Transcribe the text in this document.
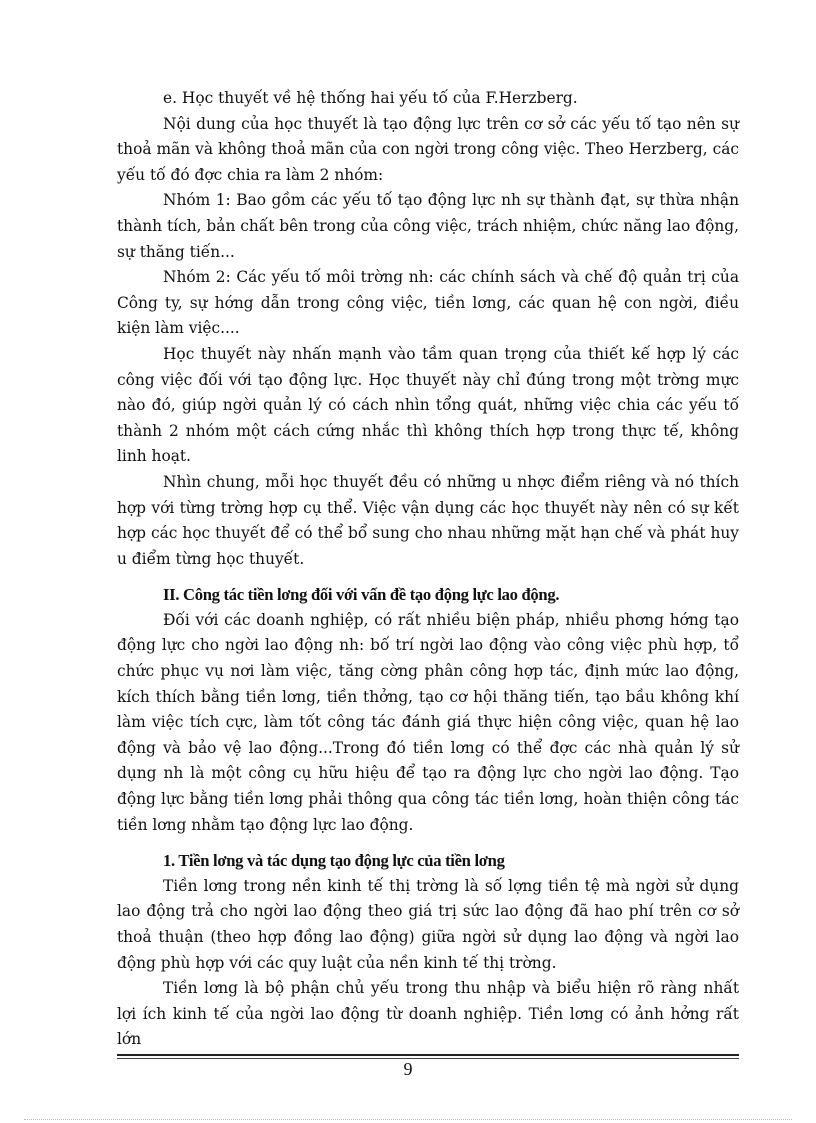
e. Học thuyết về hệ thống hai yếu tố của F.Herzberg.

Nội dung của học thuyết là tạo động lực trên cơ sở các yếu tố tạo nên sự thoả mãn và không thoả mãn của con ngời trong công việc. Theo Herzberg, các yếu tố đó đợc chia ra làm 2 nhóm:

Nhóm 1: Bao gồm các yếu tố tạo động lực nh sự thành đạt, sự thừa nhận thành tích, bản chất bên trong của công việc, trách nhiệm, chức năng lao động, sự thăng tiến...

Nhóm 2: Các yếu tố môi trờng nh: các chính sách và chế độ quản trị của Công ty, sự hớng dẫn trong công việc, tiền lơng, các quan hệ con ngời, điều kiện làm việc....

Học thuyết này nhấn mạnh vào tầm quan trọng của thiết kế hợp lý các công việc đối với tạo động lực. Học thuyết này chỉ đúng trong một trờng mực nào đó, giúp ngời quản lý có cách nhìn tổng quát, những việc chia các yếu tố thành 2 nhóm một cách cứng nhắc thì không thích hợp trong thực tế, không linh hoạt.

Nhìn chung, mỗi học thuyết đều có những u nhợc điểm riêng và nó thích hợp với từng trờng hợp cụ thể. Việc vận dụng các học thuyết này nên có sự kết hợp các học thuyết để có thể bổ sung cho nhau những mặt hạn chế và phát huy u điểm từng học thuyết.

II. Công tác tiền lơng đối với vấn đề tạo động lực lao động.

Đối với các doanh nghiệp, có rất nhiều biện pháp, nhiều phơng hớng tạo động lực cho ngời lao động nh: bố trí ngời lao động vào công việc phù hợp, tổ chức phục vụ nơi làm việc, tăng cờng phân công hợp tác, định mức lao động, kích thích bằng tiền lơng, tiền thởng, tạo cơ hội thăng tiến, tạo bầu không khí làm việc tích cực, làm tốt công tác đánh giá thực hiện công việc, quan hệ lao động và bảo vệ lao động...Trong đó tiền lơng có thể đợc các nhà quản lý sử dụng nh là một công cụ hữu hiệu để tạo ra động lực cho ngời lao động. Tạo động lực bằng tiền lơng phải thông qua công tác tiền lơng, hoàn thiện công tác tiền lơng nhằm tạo động lực lao động.

1. Tiền lơng và tác dụng tạo động lực của tiền lơng

Tiền lơng trong nền kinh tế thị trờng là số lợng tiền tệ mà ngời sử dụng lao động trả cho ngời lao động theo giá trị sức lao động đã hao phí trên cơ sở thoả thuận (theo hợp đồng lao động) giữa ngời sử dụng lao động và ngời lao động phù hợp với các quy luật của nền kinh tế thị trờng.

Tiền lơng là bộ phận chủ yếu trong thu nhập và biểu hiện rõ ràng nhất lợi ích kinh tế của ngời lao động từ doanh nghiệp. Tiền lơng có ảnh hởng rất lớn

9
